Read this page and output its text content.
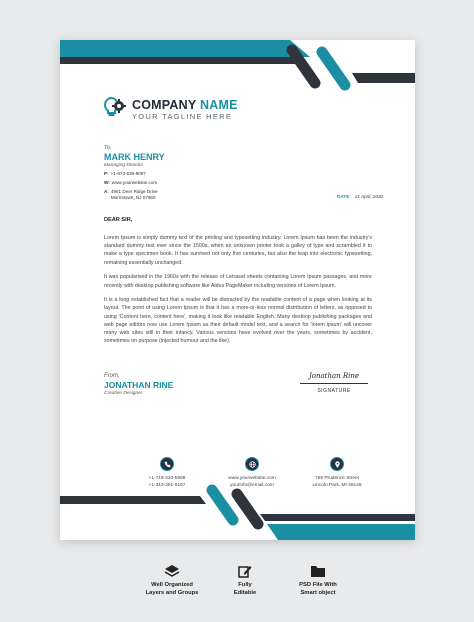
COMPANY NAME
YOUR TAGLINE HERE
To,
MARK HENRY
Managing Director
P: +1-973-536-9087
W: www.yourwebsite.com
A: 4961 Deer Ridge Drive
Morristown, NJ 07960	DATE: 21 April, 2030
DEAR SIR,

Lorem Ipsum is simply dummy text of the printing and typesetting industry. Lorem Ipsum has been the industry's standard dummy text ever since the 1500s, when an unknown printer took a galley of type and scrambled it to make a type specimen book. It has survived not only five centuries, but also the leap into electronic typesetting, remaining essentially unchanged.

It was popularised in the 1960s with the release of Letraset sheets containing Lorem Ipsum passages, and more recently with desktop publishing software like Aldus PageMaker including versions of Lorem Ipsum.

It is a long established fact that a reader will be distracted by the readable content of a page when looking at its layout. The point of using Lorem Ipsum is that it has a more-or-less normal distribution of letters, as opposed to using 'Content here, content here', making it look like readable English. Many desktop publishing packages and web page editors now use Lorem Ipsum as their default model text, and a search for 'lorem ipsum' will uncover many web sites still in their infancy. Various versions have evolved over the years, sometimes by accident, sometimes on purpose (injected humour and the like).

From,
JONATHAN RINE
Creative Designer
Jonathan Rine
SIGNATURE
+1-718-310-5588
+1-313-381-8167
www.yourwebsite.com
yourinfo@email.com
769 Prudence Street
Lincoln Park, MI 48146
Well Organized
Layers and Groups
Fully
Editable
PSD File With
Smart object
